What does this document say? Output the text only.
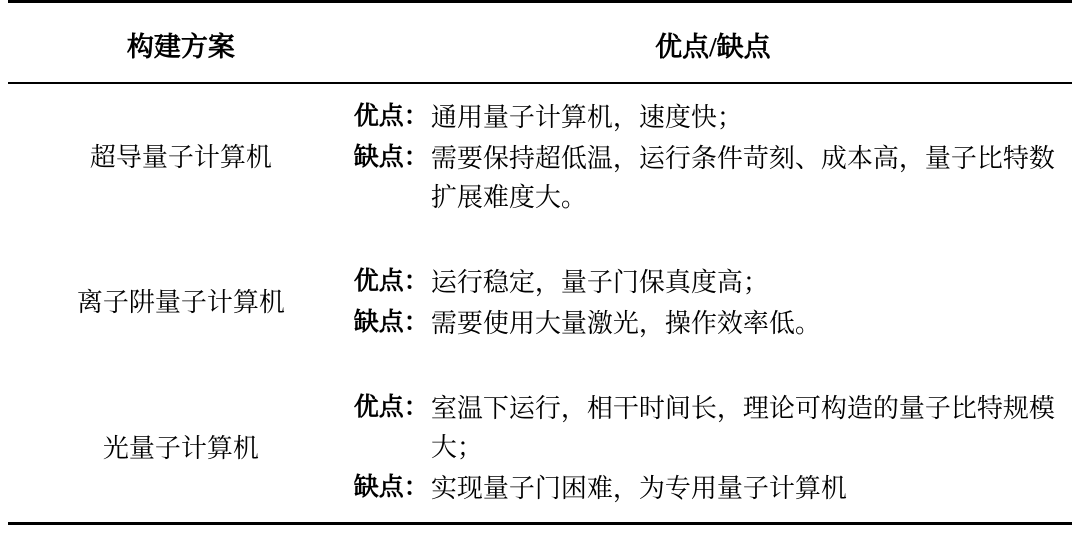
构建方案	优点/缺点
超导量子计算机	优点： 通用量子计算机，速度快；
缺点： 需要保持超低温，运行条件苛刻、成本高，量子比特数扩展难度大。

离子阱量子计算机	优点： 运行稳定，量子门保真度高；
缺点： 需要使用大量激光，操作效率低。

光量子计算机	优点： 室温下运行，相干时间长，理论可构造的量子比特规模大；
缺点： 实现量子门困难，为专用量子计算机
